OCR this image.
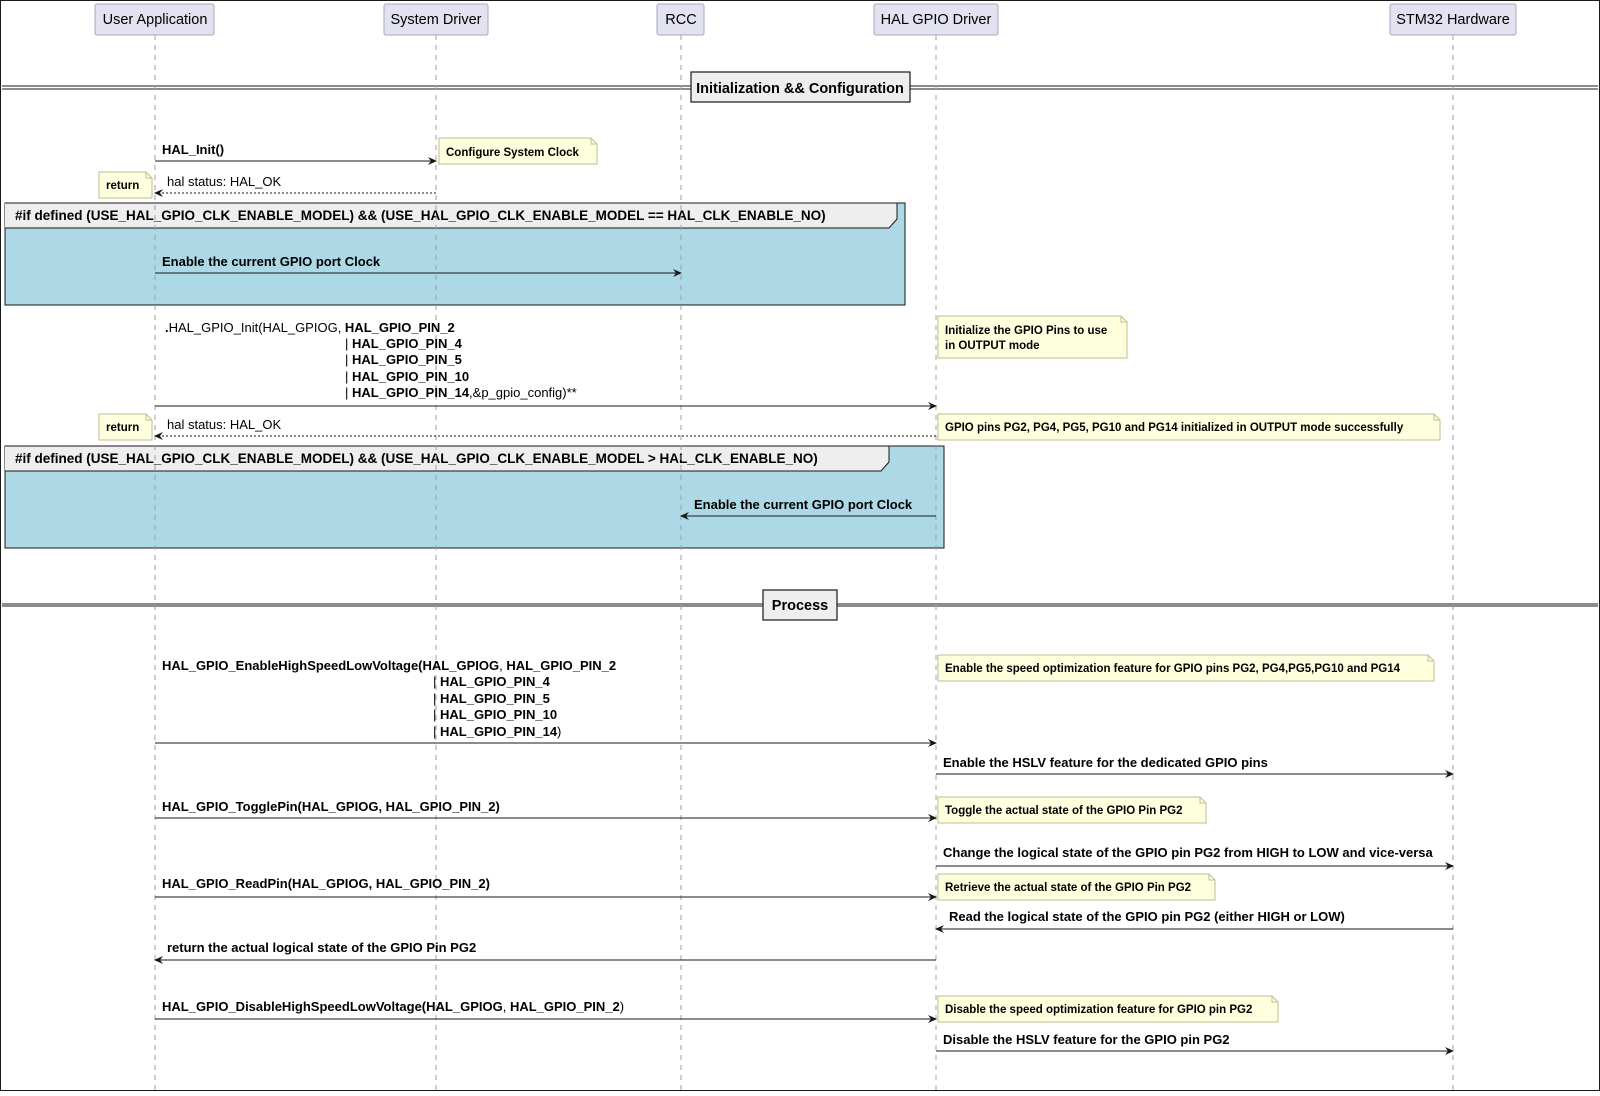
#if defined (USE_HAL_GPIO_CLK_ENABLE_MODEL) && (USE_HAL_GPIO_CLK_ENABLE_MODEL == HAL_CLK_ENABLE_NO)
#if defined (USE_HAL_GPIO_CLK_ENABLE_MODEL) && (USE_HAL_GPIO_CLK_ENABLE_MODEL > HAL_CLK_ENABLE_NO)
Initialization && Configuration
Process
User Application	System Driver	RCC	HAL GPIO Driver	STM32 Hardware
HAL_Init()
hal status: HAL_OK
Enable the current GPIO port Clock
.HAL_GPIO_Init(HAL_GPIOG, HAL_GPIO_PIN_2
| HAL_GPIO_PIN_4
| HAL_GPIO_PIN_5
| HAL_GPIO_PIN_10
| HAL_GPIO_PIN_14,&p_gpio_config)**
hal status: HAL_OK
Enable the current GPIO port Clock
HAL_GPIO_EnableHighSpeedLowVoltage(HAL_GPIOG, HAL_GPIO_PIN_2
| HAL_GPIO_PIN_4
| HAL_GPIO_PIN_5
| HAL_GPIO_PIN_10
| HAL_GPIO_PIN_14)
Enable the HSLV feature for the dedicated GPIO pins
HAL_GPIO_TogglePin(HAL_GPIOG, HAL_GPIO_PIN_2)
Change the logical state of the GPIO pin PG2 from HIGH to LOW and vice-versa
HAL_GPIO_ReadPin(HAL_GPIOG, HAL_GPIO_PIN_2)
Read the logical state of the GPIO pin PG2 (either HIGH or LOW)
return the actual logical state of the GPIO Pin PG2
HAL_GPIO_DisableHighSpeedLowVoltage(HAL_GPIOG, HAL_GPIO_PIN_2)
Disable the HSLV feature for the GPIO pin PG2
Configure System Clock
return
Initialize the GPIO Pins to use
in OUTPUT mode
return	GPIO pins PG2, PG4, PG5, PG10 and PG14 initialized in OUTPUT mode successfully
Enable the speed optimization feature for GPIO pins PG2, PG4,PG5,PG10 and PG14
Toggle the actual state of the GPIO Pin PG2
Retrieve the actual state of the GPIO Pin PG2
Disable the speed optimization feature for GPIO pin PG2
